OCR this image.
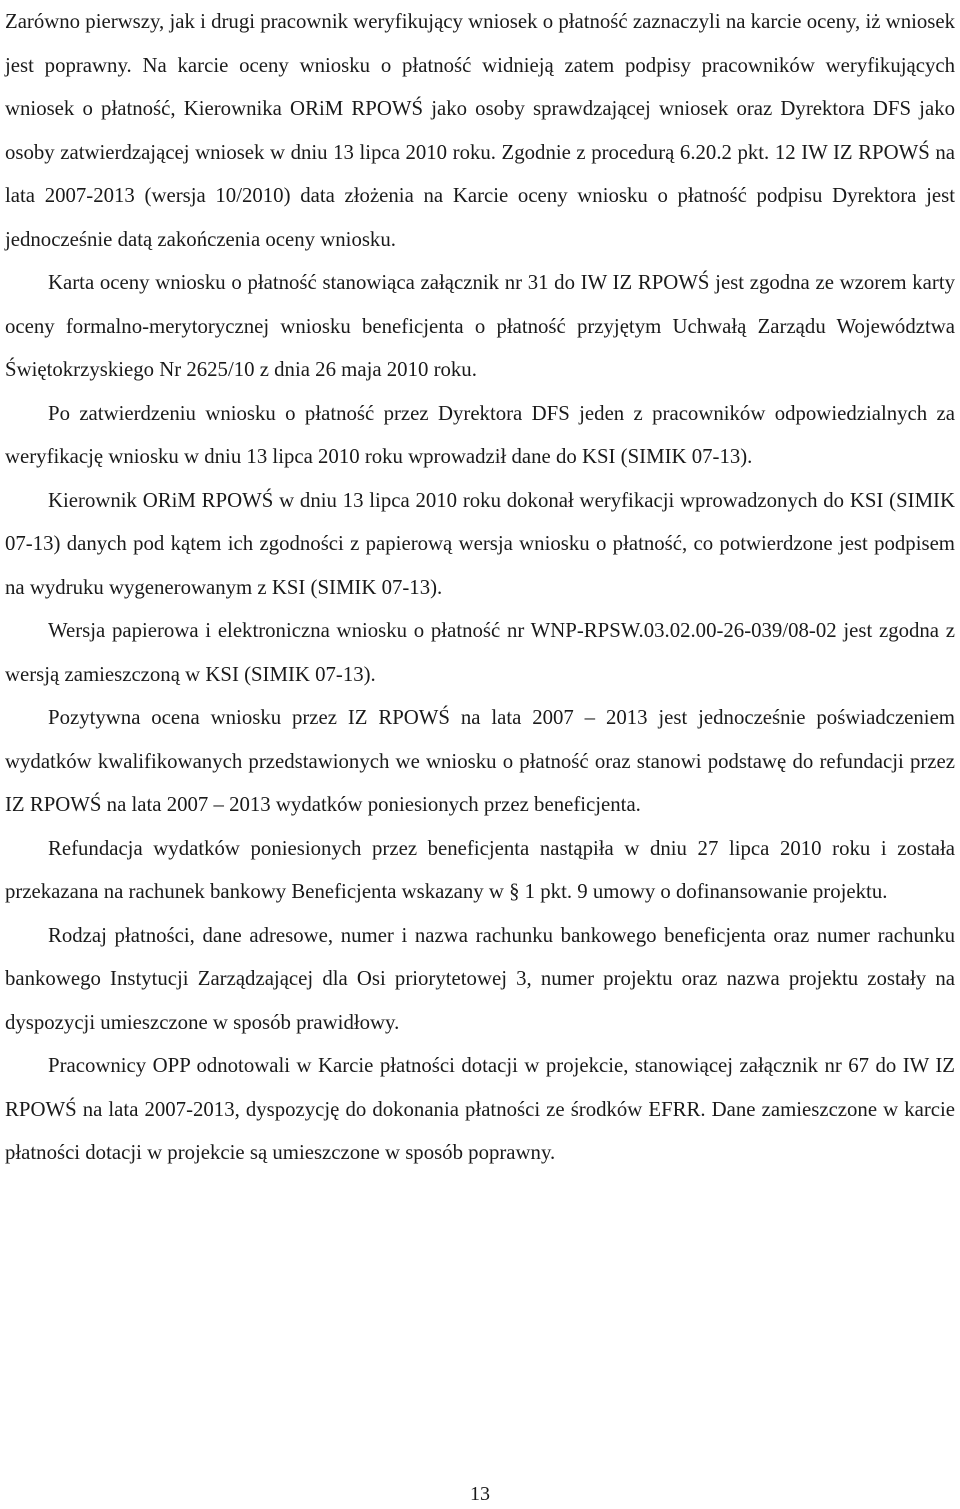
Zarówno pierwszy, jak i drugi pracownik weryfikujący wniosek o płatność zaznaczyli na karcie oceny, iż wniosek jest poprawny. Na karcie oceny wniosku o płatność widnieją zatem podpisy pracowników weryfikujących wniosek o płatność, Kierownika ORiM RPOWŚ jako osoby sprawdzającej wniosek oraz Dyrektora DFS jako osoby zatwierdzającej wniosek w dniu 13 lipca 2010 roku. Zgodnie z procedurą 6.20.2 pkt. 12 IW IZ RPOWŚ na lata 2007-2013 (wersja 10/2010) data złożenia na Karcie oceny wniosku o płatność podpisu Dyrektora jest jednocześnie datą zakończenia oceny wniosku.

Karta oceny wniosku o płatność stanowiąca załącznik nr 31 do IW IZ RPOWŚ jest zgodna ze wzorem karty oceny formalno-merytorycznej wniosku beneficjenta o płatność przyjętym Uchwałą Zarządu Województwa Świętokrzyskiego Nr 2625/10 z dnia 26 maja 2010 roku.

Po zatwierdzeniu wniosku o płatność przez Dyrektora DFS jeden z pracowników odpowiedzialnych za weryfikację wniosku w dniu 13 lipca 2010 roku wprowadził dane do KSI (SIMIK 07-13).

Kierownik ORiM RPOWŚ w dniu 13 lipca 2010 roku dokonał weryfikacji wprowadzonych do KSI (SIMIK 07-13) danych pod kątem ich zgodności z papierową wersja wniosku o płatność, co potwierdzone jest podpisem na wydruku wygenerowanym z KSI (SIMIK 07-13).

Wersja papierowa i elektroniczna wniosku o płatność nr WNP-RPSW.03.02.00-26-039/08-02 jest zgodna z wersją zamieszczoną w KSI (SIMIK 07-13).

Pozytywna ocena wniosku przez IZ RPOWŚ na lata 2007 – 2013 jest jednocześnie poświadczeniem wydatków kwalifikowanych przedstawionych we wniosku o płatność oraz stanowi podstawę do refundacji przez IZ RPOWŚ na lata 2007 – 2013 wydatków poniesionych przez beneficjenta.

Refundacja wydatków poniesionych przez beneficjenta nastąpiła w dniu 27 lipca 2010 roku i została przekazana na rachunek bankowy Beneficjenta wskazany w § 1 pkt. 9 umowy o dofinansowanie projektu.

Rodzaj płatności, dane adresowe, numer i nazwa rachunku bankowego beneficjenta oraz numer rachunku bankowego Instytucji Zarządzającej dla Osi priorytetowej 3, numer projektu oraz nazwa projektu zostały na dyspozycji umieszczone w sposób prawidłowy.

Pracownicy OPP odnotowali w Karcie płatności dotacji w projekcie, stanowiącej załącznik nr 67 do IW IZ RPOWŚ na lata 2007-2013, dyspozycję do dokonania płatności ze środków EFRR. Dane zamieszczone w karcie płatności dotacji w projekcie są umieszczone w sposób poprawny.

13
